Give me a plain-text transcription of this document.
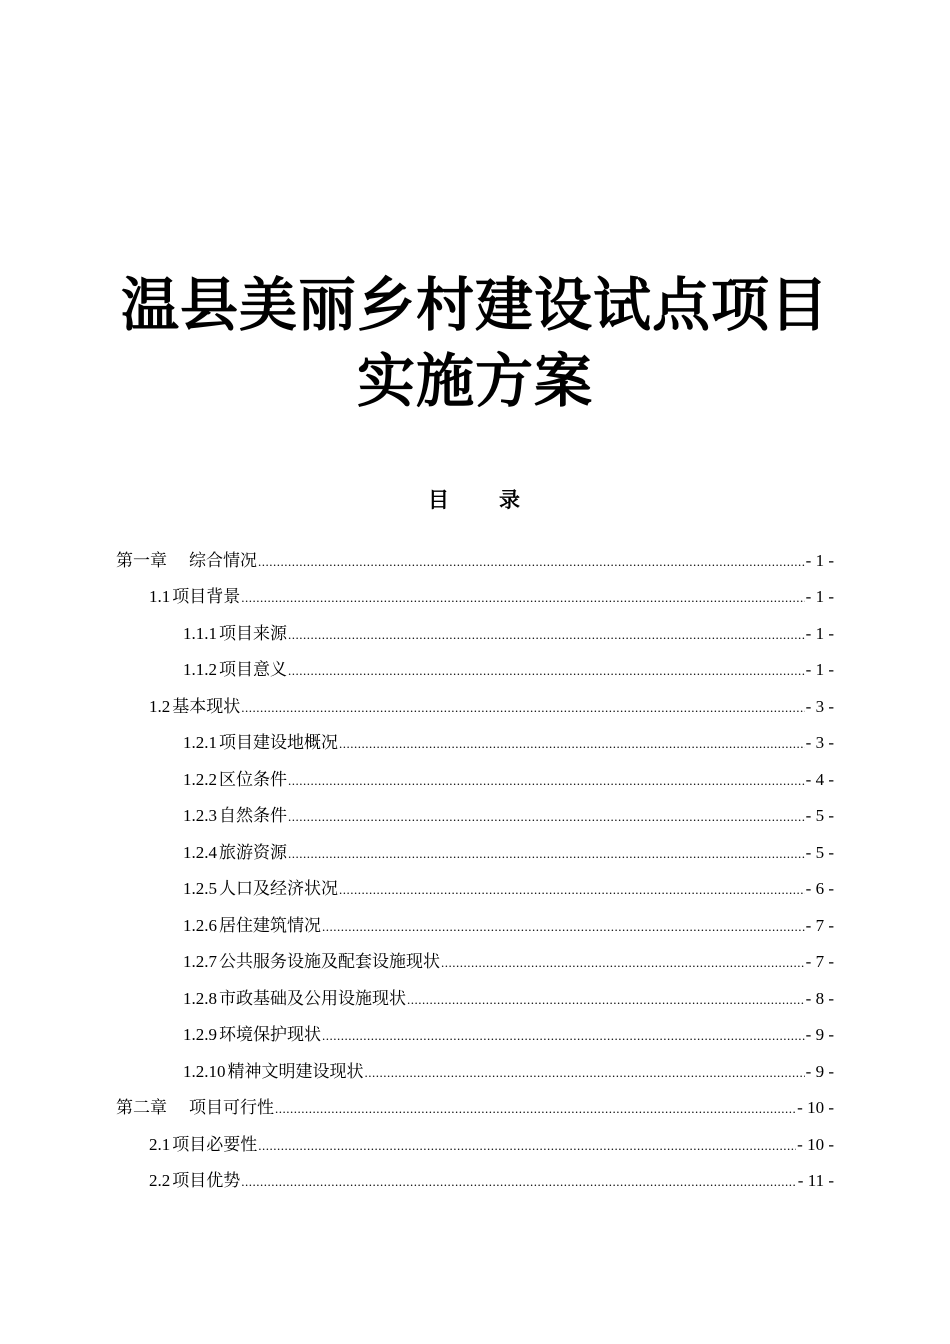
温县美丽乡村建设试点项目
实施方案
目 录
第一章 综合情况 .....	- 1 -
1.1 项目背景 .....	- 1 -
1.1.1 项目来源 .....	- 1 -
1.1.2 项目意义 .....	- 1 -
1.2 基本现状 .....	- 3 -
1.2.1 项目建设地概况 .....	- 3 -
1.2.2 区位条件 .....	- 4 -
1.2.3 自然条件 .....	- 5 -
1.2.4 旅游资源 .....	- 5 -
1.2.5 人口及经济状况 .....	- 6 -
1.2.6 居住建筑情况 .....	- 7 -
1.2.7 公共服务设施及配套设施现状 .....	- 7 -
1.2.8 市政基础及公用设施现状 .....	- 8 -
1.2.9 环境保护现状 .....	- 9 -
1.2.10 精神文明建设现状 .....	- 9 -
第二章 项目可行性 .....	- 10 -
2.1 项目必要性 .....	- 10 -
2.2 项目优势 .....	- 11 -
